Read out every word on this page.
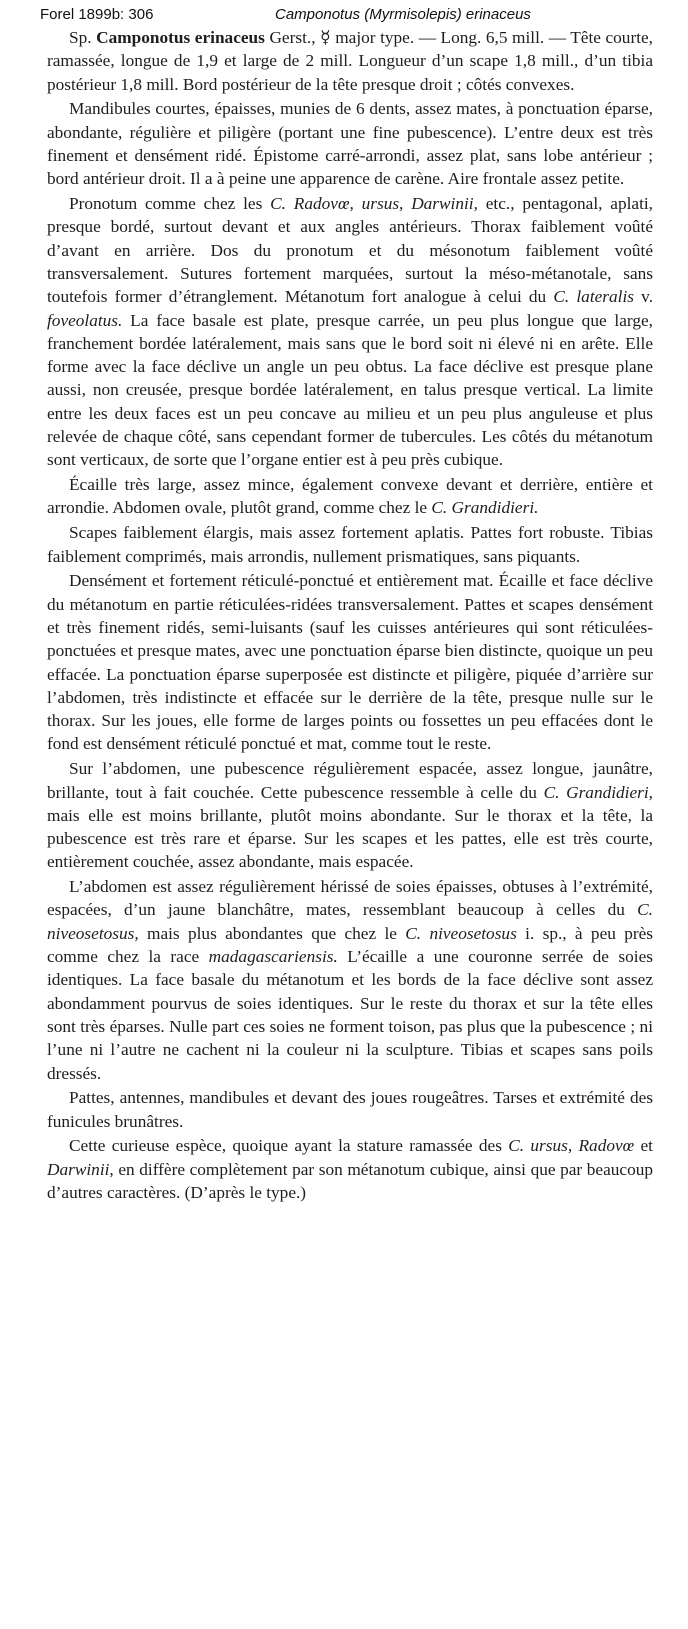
Forel 1899b: 306	Camponotus (Myrmisolepis) erinaceus

Sp. Camponotus erinaceus Gerst., ☿ major type. — Long. 6,5 mill. — Tête courte, ramassée, longue de 1,9 et large de 2 mill. Longueur d’un scape 1,8 mill., d’un tibia postérieur 1,8 mill. Bord postérieur de la tête presque droit ; côtés convexes.

Mandibules courtes, épaisses, munies de 6 dents, assez mates, à ponctuation éparse, abondante, régulière et piligère (portant une fine pubescence). L’entre deux est très finement et densément ridé. Épistome carré-arrondi, assez plat, sans lobe antérieur ; bord antérieur droit. Il a à peine une apparence de carène. Aire frontale assez petite.

Pronotum comme chez les C. Radovœ, ursus, Darwinii, etc., pentagonal, aplati, presque bordé, surtout devant et aux angles antérieurs. Thorax faiblement voûté d’avant en arrière. Dos du pronotum et du mésonotum faiblement voûté transversalement. Sutures fortement marquées, surtout la méso-métanotale, sans toutefois former d’étranglement. Métanotum fort analogue à celui du C. lateralis v. foveolatus. La face basale est plate, presque carrée, un peu plus longue que large, franchement bordée latéralement, mais sans que le bord soit ni élevé ni en arête. Elle forme avec la face déclive un angle un peu obtus. La face déclive est presque plane aussi, non creusée, presque bordée latéralement, en talus presque vertical. La limite entre les deux faces est un peu concave au milieu et un peu plus anguleuse et plus relevée de chaque côté, sans cependant former de tubercules. Les côtés du métanotum sont verticaux, de sorte que l’organe entier est à peu près cubique.

Écaille très large, assez mince, également convexe devant et derrière, entière et arrondie. Abdomen ovale, plutôt grand, comme chez le C. Grandidieri.

Scapes faiblement élargis, mais assez fortement aplatis. Pattes fort robuste. Tibias faiblement comprimés, mais arrondis, nullement prismatiques, sans piquants.

Densément et fortement réticulé-ponctué et entièrement mat. Écaille et face déclive du métanotum en partie réticulées-ridées transversalement. Pattes et scapes densément et très finement ridés, semi-luisants (sauf les cuisses antérieures qui sont réticulées-ponctuées et presque mates, avec une ponctuation éparse bien distincte, quoique un peu effacée. La ponctuation éparse superposée est distincte et piligère, piquée d’arrière sur l’abdomen, très indistincte et effacée sur le derrière de la tête, presque nulle sur le thorax. Sur les joues, elle forme de larges points ou fossettes un peu effacées dont le fond est densément réticulé ponctué et mat, comme tout le reste.

Sur l’abdomen, une pubescence régulièrement espacée, assez longue, jaunâtre, brillante, tout à fait couchée. Cette pubescence ressemble à celle du C. Grandidieri, mais elle est moins brillante, plutôt moins abondante. Sur le thorax et la tête, la pubescence est très rare et éparse. Sur les scapes et les pattes, elle est très courte, entièrement couchée, assez abondante, mais espacée.

L’abdomen est assez régulièrement hérissé de soies épaisses, obtuses à l’extrémité, espacées, d’un jaune blanchâtre, mates, ressemblant beaucoup à celles du C. niveosetosus, mais plus abondantes que chez le C. niveosetosus i. sp., à peu près comme chez la race madagascariensis. L’écaille a une couronne serrée de soies identiques. La face basale du métanotum et les bords de la face déclive sont assez abondamment pourvus de soies identiques. Sur le reste du thorax et sur la tête elles sont très éparses. Nulle part ces soies ne forment toison, pas plus que la pubescence ; ni l’une ni l’autre ne cachent ni la couleur ni la sculpture. Tibias et scapes sans poils dressés.

Pattes, antennes, mandibules et devant des joues rougeâtres. Tarses et extrémité des funicules brunâtres.

Cette curieuse espèce, quoique ayant la stature ramassée des C. ursus, Radovœ et Darwinii, en diffère complètement par son métanotum cubique, ainsi que par beaucoup d’autres caractères. (D’après le type.)
